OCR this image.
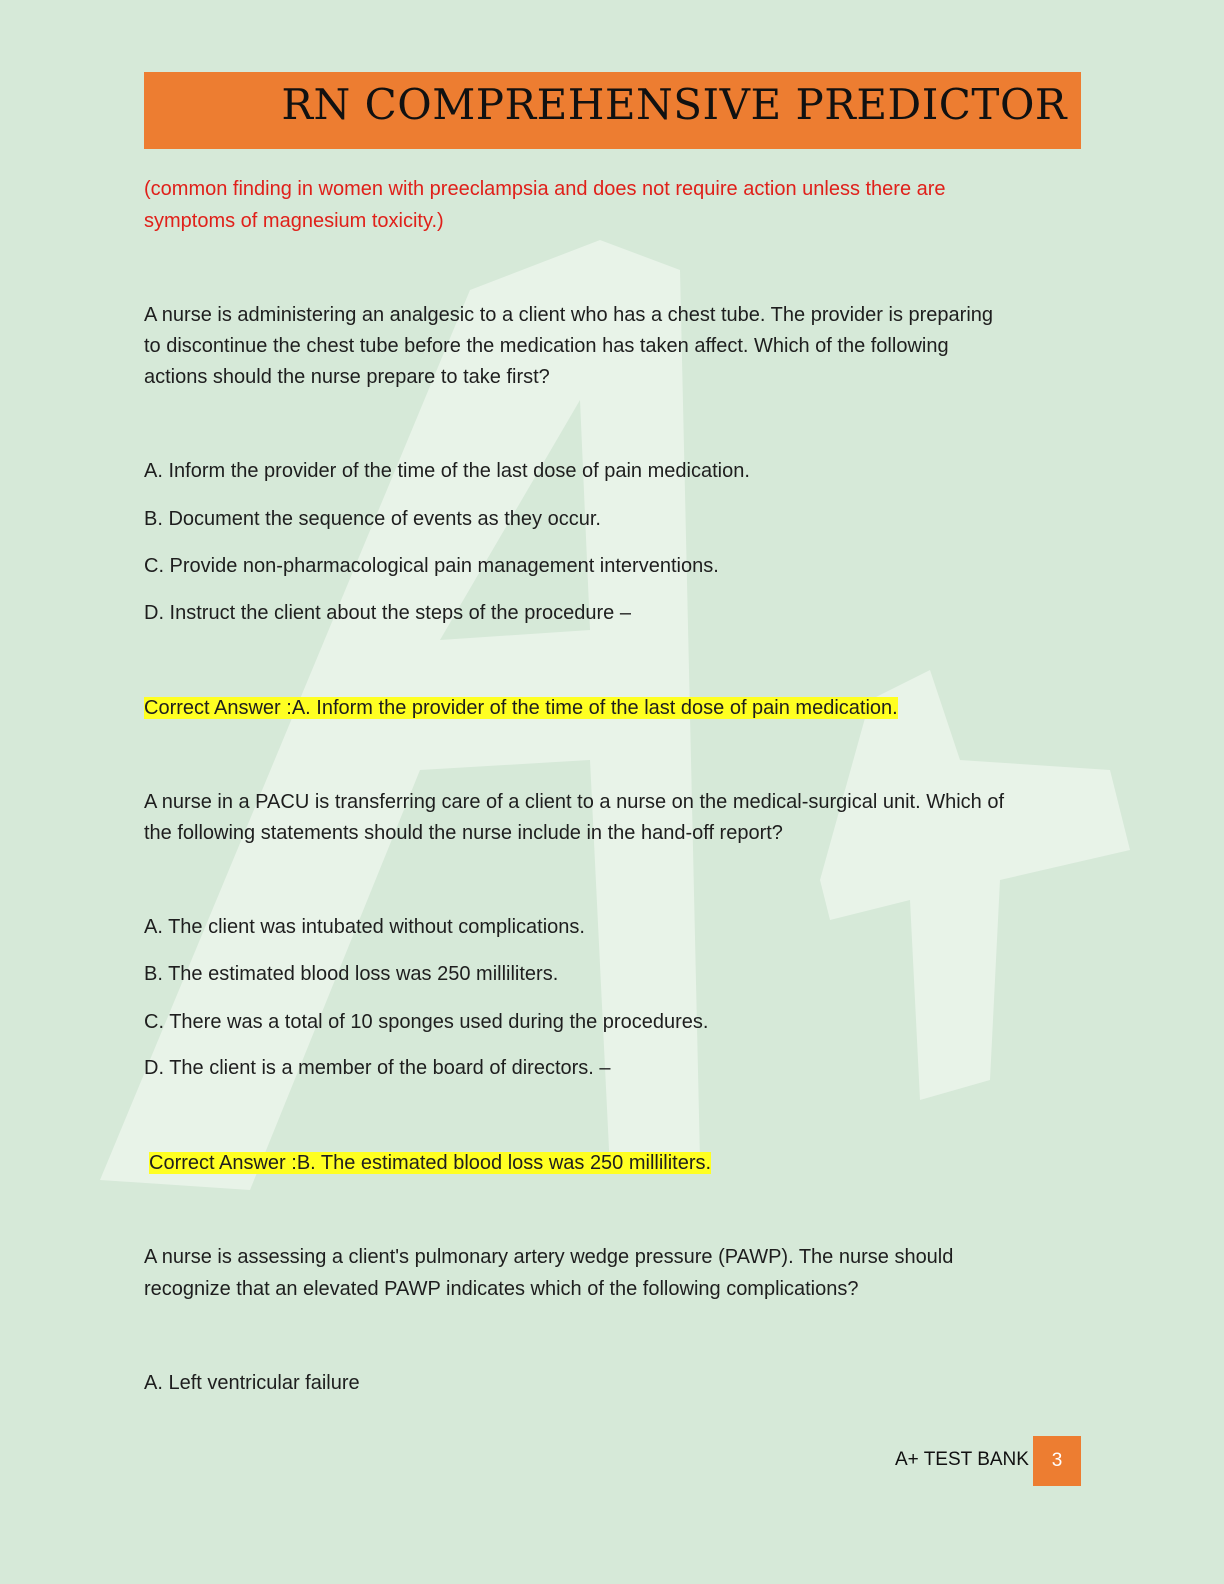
RN COMPREHENSIVE PREDICTOR
(common finding in women with preeclampsia and does not require action unless there are
symptoms of magnesium toxicity.)
A nurse is administering an analgesic to a client who has a chest tube. The provider is preparing
to discontinue the chest tube before the medication has taken affect. Which of the following
actions should the nurse prepare to take first?
A. Inform the provider of the time of the last dose of pain medication.
B. Document the sequence of events as they occur.
C. Provide non-pharmacological pain management interventions.
D. Instruct the client about the steps of the procedure –
Correct Answer :A. Inform the provider of the time of the last dose of pain medication.
A nurse in a PACU is transferring care of a client to a nurse on the medical-surgical unit. Which of
the following statements should the nurse include in the hand-off report?
A. The client was intubated without complications.
B. The estimated blood loss was 250 milliliters.
C. There was a total of 10 sponges used during the procedures.
D. The client is a member of the board of directors. –
Correct Answer :B. The estimated blood loss was 250 milliliters.
A nurse is assessing a client's pulmonary artery wedge pressure (PAWP). The nurse should
recognize that an elevated PAWP indicates which of the following complications?
A. Left ventricular failure
A+ TEST BANK	3
